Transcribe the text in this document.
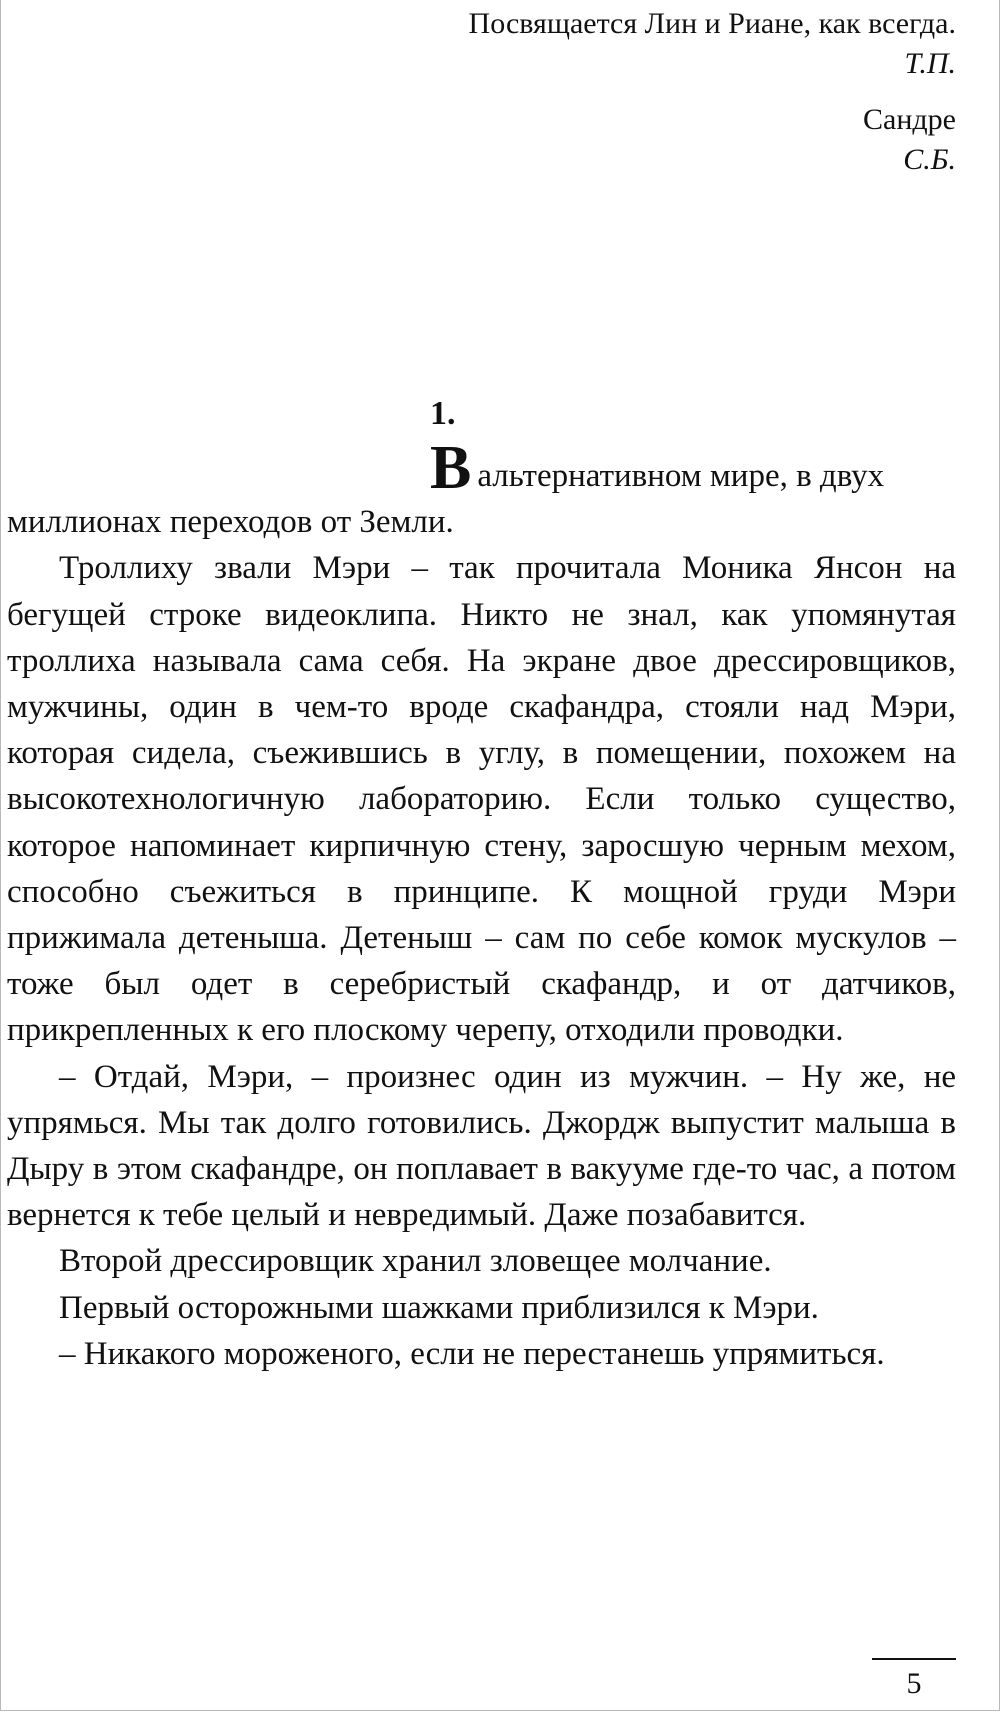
Посвящается Лин и Риане, как всегда.
Т.П.

Сандре
С.Б.

1.

Вальтернативном мире, в двух
миллионах переходов от Земли.

Троллиху звали Мэри – так прочитала Моника Янсон на бегущей строке видеоклипа. Никто не знал, как упомянутая троллиха называла сама себя. На экране двое дрессировщиков, мужчины, один в чем-то вроде скафандра, стояли над Мэри, которая сидела, съежившись в углу, в помещении, похожем на высокотехнологичную лабораторию. Если только существо, которое напоминает кирпичную стену, заросшую черным мехом, способно съежиться в принципе. К мощной груди Мэри прижимала детеныша. Детеныш – сам по себе комок мускулов – тоже был одет в серебристый скафандр, и от датчиков, прикрепленных к его плоскому черепу, отходили проводки.

– Отдай, Мэри, – произнес один из мужчин. – Ну же, не упрямься. Мы так долго готовились. Джордж выпустит малыша в Дыру в этом скафандре, он поплавает в вакууме где-то час, а потом вернется к тебе целый и невредимый. Даже позабавится.

Второй дрессировщик хранил зловещее молчание.

Первый осторожными шажками приблизился к Мэри.

– Никакого мороженого, если не перестанешь упрямиться.

5
